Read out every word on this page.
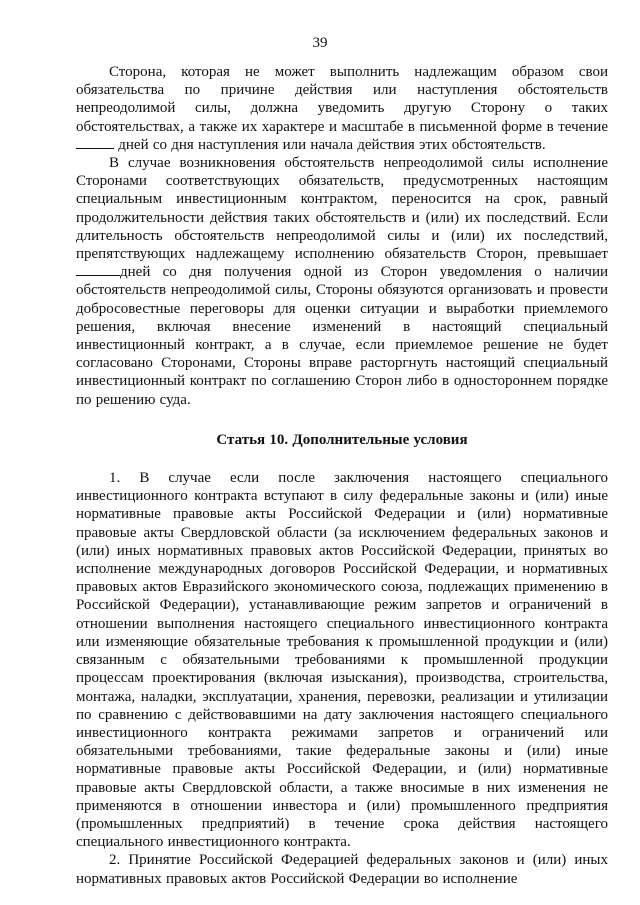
39

Сторона, которая не может выполнить надлежащим образом свои обязательства по причине действия или наступления обстоятельств непреодолимой силы, должна уведомить другую Сторону о таких обстоятельствах, а также их характере и масштабе в письменной форме в течение  дней со дня наступления или начала действия этих обстоятельств.

В случае возникновения обстоятельств непреодолимой силы исполнение Сторонами соответствующих обязательств, предусмотренных настоящим специальным инвестиционным контрактом, переносится на срок, равный продолжительности действия таких обстоятельств и (или) их последствий. Если длительность обстоятельств непреодолимой силы и (или) их последствий, препятствующих надлежащему исполнению обязательств Сторон, превышает дней со дня получения одной из Сторон уведомления о наличии обстоятельств непреодолимой силы, Стороны обязуются организовать и провести добросовестные переговоры для оценки ситуации и выработки приемлемого решения, включая внесение изменений в настоящий специальный инвестиционный контракт, а в случае, если приемлемое решение не будет согласовано Сторонами, Стороны вправе расторгнуть настоящий специальный инвестиционный контракт по соглашению Сторон либо в одностороннем порядке по решению суда.

Статья 10. Дополнительные условия

1. В случае если после заключения настоящего специального инвестиционного контракта вступают в силу федеральные законы и (или) иные нормативные правовые акты Российской Федерации и (или) нормативные правовые акты Свердловской области (за исключением федеральных законов и (или) иных нормативных правовых актов Российской Федерации, принятых во исполнение международных договоров Российской Федерации, и нормативных правовых актов Евразийского экономического союза, подлежащих применению в Российской Федерации), устанавливающие режим запретов и ограничений в отношении выполнения настоящего специального инвестиционного контракта или изменяющие обязательные требования к промышленной продукции и (или) связанным с обязательными требованиями к промышленной продукции процессам проектирования (включая изыскания), производства, строительства, монтажа, наладки, эксплуатации, хранения, перевозки, реализации и утилизации по сравнению с действовавшими на дату заключения настоящего специального инвестиционного контракта режимами запретов и ограничений или обязательными требованиями, такие федеральные законы и (или) иные нормативные правовые акты Российской Федерации, и (или) нормативные правовые акты Свердловской области, а также вносимые в них изменения не применяются в отношении инвестора и (или) промышленного предприятия (промышленных предприятий) в течение срока действия настоящего специального инвестиционного контракта.

2. Принятие Российской Федерацией федеральных законов и (или) иных нормативных правовых актов Российской Федерации во исполнение
